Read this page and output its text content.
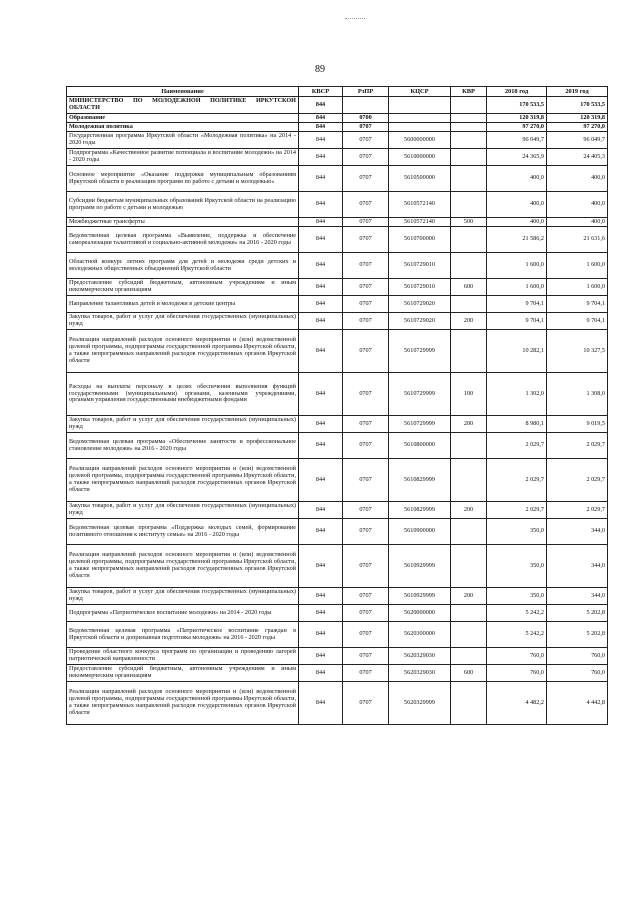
89
Наименование	КВСР	РзПР	КЦСР	КВР	2018 год	2019 год
МИНИСТЕРСТВО ПО МОЛОДЕЖНОЙ ПОЛИТИКЕ ИРКУТСКОЙ ОБЛАСТИ	844				170 533,5	170 533,5
Образование	844	0700			120 319,8	120 319,8
Молодежная политика	844	0707			97 270,0	97 270,0
Государственная программа Иркутской области «Молодежная политика» на 2014 - 2020 годы	844	0707	5600000000		96 049,7	96 049,7
Подпрограмма «Качественное развитие потенциала и воспитание молодежи» на 2014 - 2020 годы	844	0707	5610000000		24 365,9	24 405,3
Основное мероприятие «Оказание поддержки муниципальным образованиям Иркутской области в реализации программ по работе с детьми и молодежью»	844	0707	5610500000		400,0	400,0
Субсидии бюджетам муниципальных образований Иркутской области на реализацию программ по работе с детьми и молодежью	844	0707	5610572140		400,0	400,0
Межбюджетные трансферты	844	0707	5610572140	500	400,0	400,0
Ведомственная целевая программа «Выявление, поддержка и обеспечение самореализации талантливой и социально-активной молодежи» на 2016 - 2020 годы	844	0707	5610700000		21 586,2	21 631,6
Областной конкурс летних программ для детей и молодежи среди детских и молодежных общественных объединений Иркутской области	844	0707	5610729010		1 600,0	1 600,0
Предоставление субсидий бюджетным, автономным учреждениям и иным некоммерческим организациям	844	0707	5610729010	600	1 600,0	1 600,0
Направление талантливых детей и молодежи в детские центры	844	0707	5610729020		9 704,1	9 704,1
Закупка товаров, работ и услуг для обеспечения государственных (муниципальных) нужд	844	0707	5610729020	200	9 704,1	9 704,1
Реализация направлений расходов основного мероприятия и (или) ведомственной целевой программы, подпрограммы государственной программы Иркутской области, а также непрограммных направлений расходов государственных органов Иркутской области	844	0707	5610729999		10 282,1	10 327,5
Расходы на выплаты персоналу в целях обеспечения выполнения функций государственными (муниципальными) органами, казенными учреждениями, органами управления государственными внебюджетными фондами	844	0707	5610729999	100	1 302,0	1 308,0
Закупка товаров, работ и услуг для обеспечения государственных (муниципальных) нужд	844	0707	5610729999	200	8 980,1	9 019,5
Ведомственная целевая программа «Обеспечение занятости и профессиональное становление молодежи» на 2016 - 2020 годы	844	0707	5610800000		2 029,7	2 029,7
Реализация направлений расходов основного мероприятия и (или) ведомственной целевой программы, подпрограммы государственной программы Иркутской области, а также непрограммных направлений расходов государственных органов Иркутской области	844	0707	5610829999		2 029,7	2 029,7
Закупка товаров, работ и услуг для обеспечения государственных (муниципальных) нужд	844	0707	5610829999	200	2 029,7	2 029,7
Ведомственная целевая программа «Поддержка молодых семей, формирование позитивного отношения к институту семьи» на 2016 - 2020 годы	844	0707	5610900000		350,0	344,0
Реализация направлений расходов основного мероприятия и (или) ведомственной целевой программы, подпрограммы государственной программы Иркутской области, а также непрограммных направлений расходов государственных органов Иркутской области	844	0707	5610929999		350,0	344,0
Закупка товаров, работ и услуг для обеспечения государственных (муниципальных) нужд	844	0707	5610929999	200	350,0	344,0
Подпрограмма «Патриотическое воспитание молодежи» на 2014 - 2020 годы	844	0707	5620000000		5 242,2	5 202,8
Ведомственная целевая программа «Патриотическое воспитание граждан в Иркутской области и допризывная подготовка молодежи» на 2016 - 2020 годы	844	0707	5620300000		5 242,2	5 202,8
Проведение областного конкурса программ по организации и проведению лагерей патриотической направленности	844	0707	5620329030		760,0	760,0
Предоставление субсидий бюджетным, автономным учреждениям и иным некоммерческим организациям	844	0707	5620329030	600	760,0	760,0
Реализация направлений расходов основного мероприятия и (или) ведомственной целевой программы, подпрограммы государственной программы Иркутской области, а также непрограммных направлений расходов государственных органов Иркутской области	844	0707	5620329999		4 482,2	4 442,8
